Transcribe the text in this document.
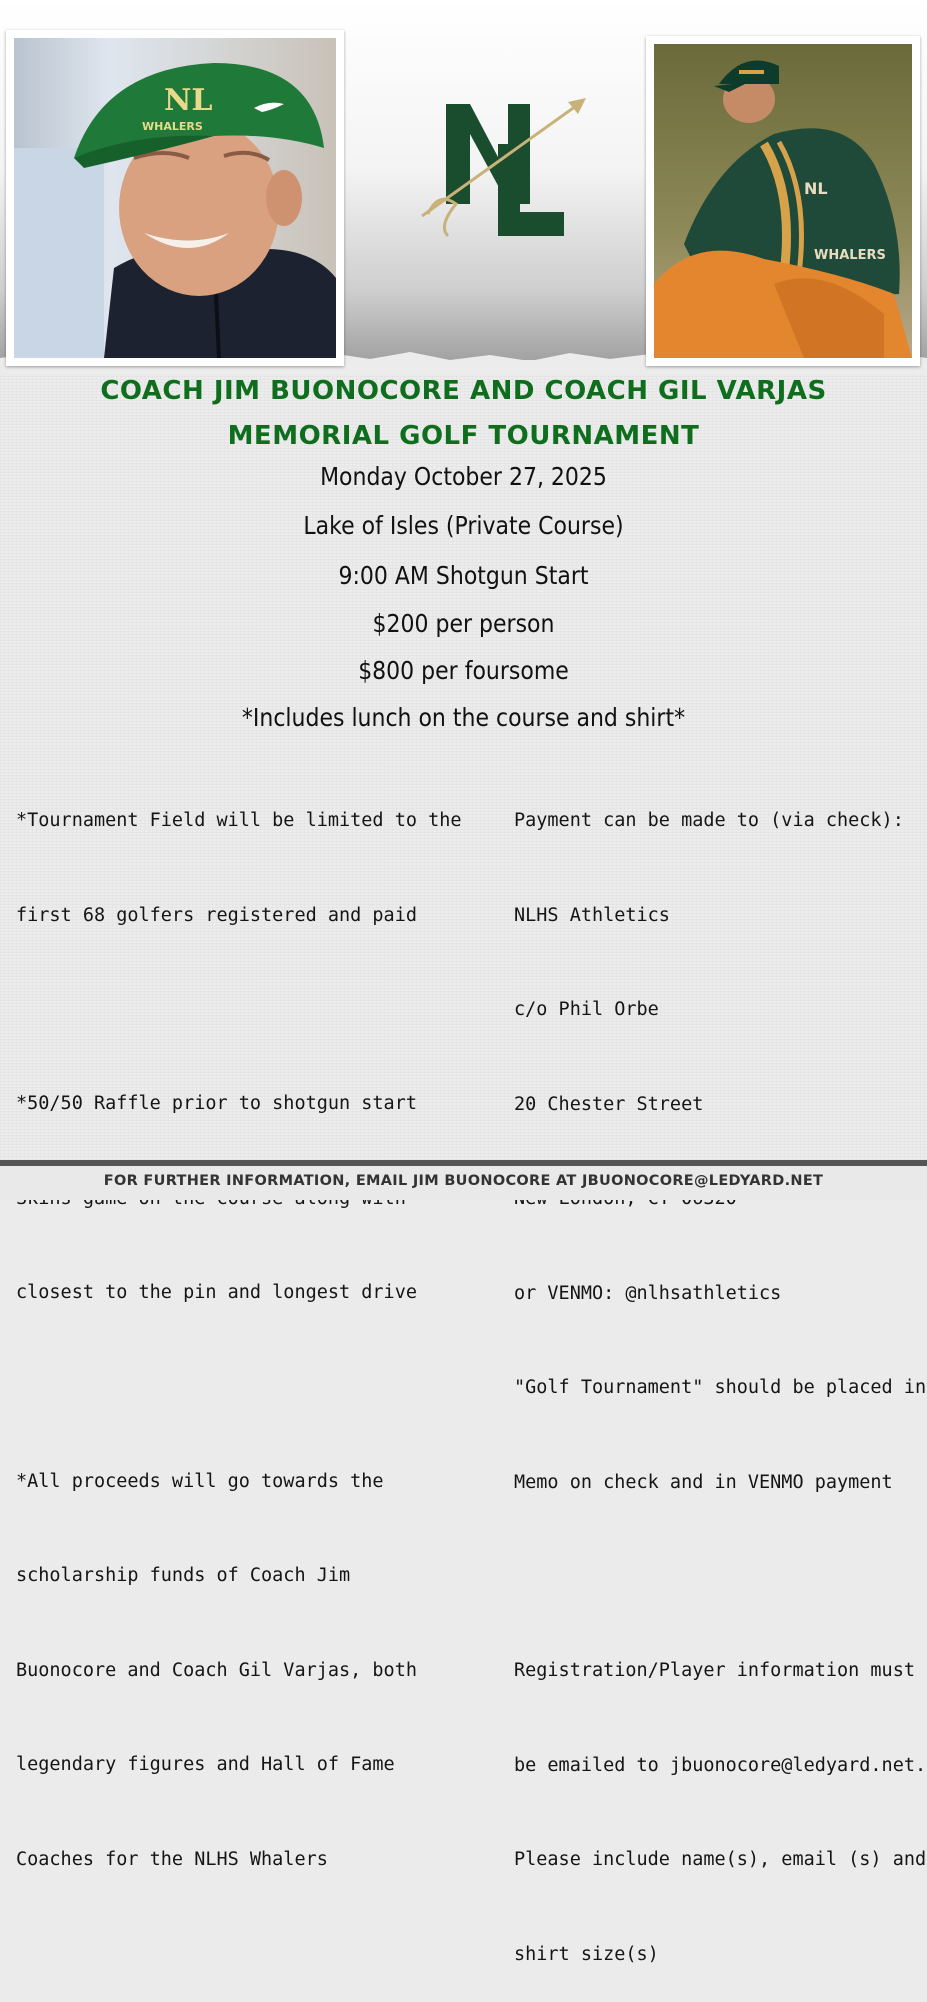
NL
WHALERS
NL
WHALERS
COACH JIM BUONOCORE AND COACH GIL VARJAS
MEMORIAL GOLF TOURNAMENT
Monday October 27, 2025
Lake of Isles (Private Course)
9:00 AM Shotgun Start
$200 per person
$800 per foursome
*Includes lunch on the course and shirt*

*Tournament Field will be limited to the

first 68 golfers registered and paid

*50/50 Raffle prior to shotgun start

closest to the pin and longest drive

*All proceeds will go towards the

scholarship funds of Coach Jim

Buonocore and Coach Gil Varjas, both

legendary figures and Hall of Fame

Coaches for the NLHS Whalers

Payment can be made to (via check):

NLHS Athletics

c/o Phil Orbe

20 Chester Street

or VENMO: @nlhsathletics

"Golf Tournament" should be placed in

Memo on check and in VENMO payment

Registration/Player information must

be emailed to jbuonocore@ledyard.net.

Please include name(s), email (s) and

shirt size(s)

FOR FURTHER INFORMATION, EMAIL JIM BUONOCORE AT JBUONOCORE@LEDYARD.NET
